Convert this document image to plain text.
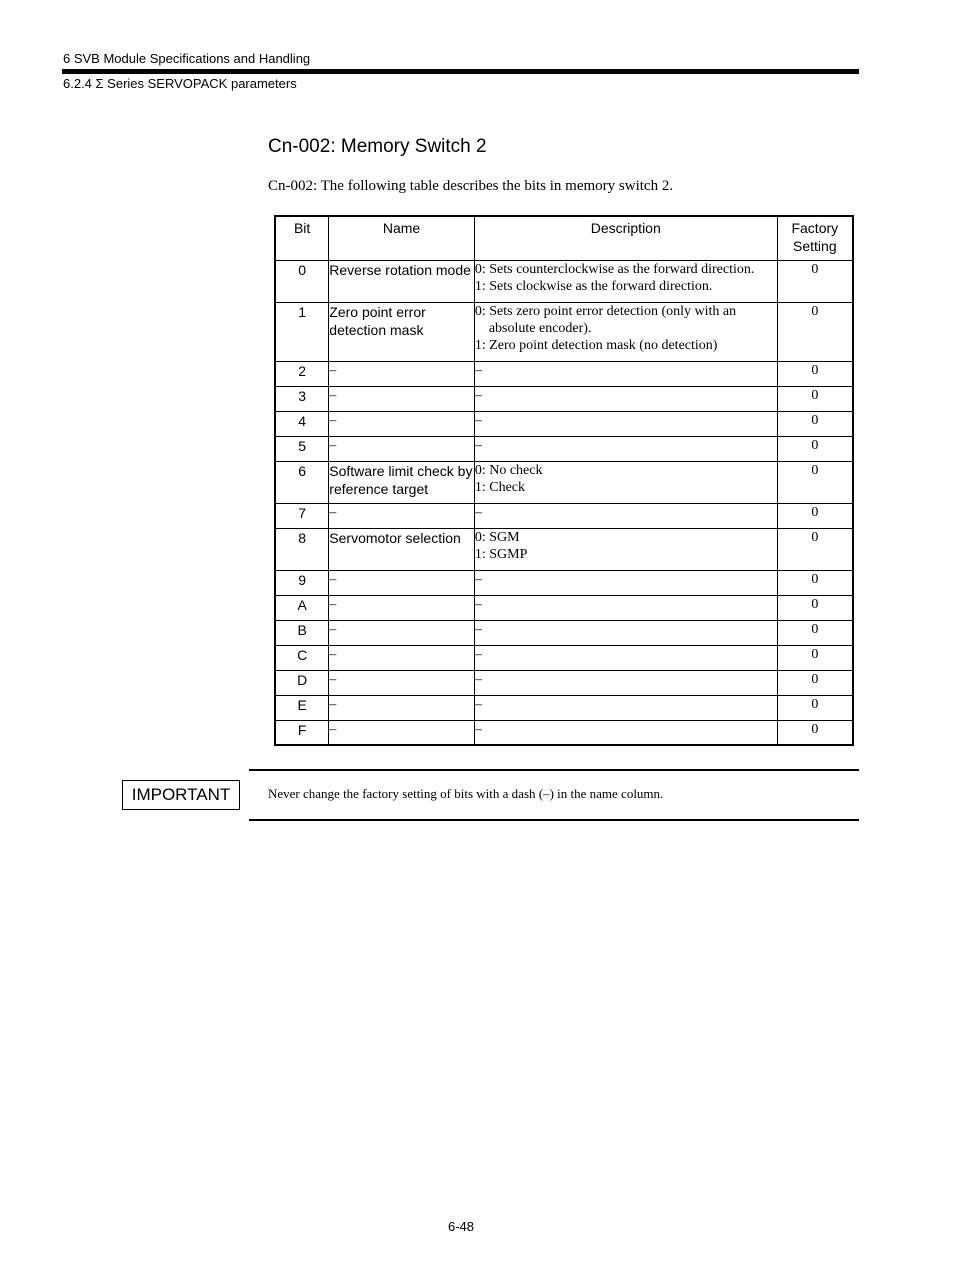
6 SVB Module Specifications and Handling
6.2.4 Σ Series SERVOPACK parameters
Cn-002: Memory Switch 2
Cn-002: The following table describes the bits in memory switch 2.
Bit	Name	Description	Factory
Setting

0	Reverse rotation mode	0: Sets counterclockwise as the forward direction.
1: Sets clockwise as the forward direction.	0
1	Zero point error detection mask	0: Sets zero point error detection (only with an
absolute encoder).
1: Zero point detection mask (no detection)	0
2	–	–	0
3	–	–	0
4	–	–	0
5	–	–	0
6	Software limit check by reference target	0: No check
1: Check	0
7	–	–	0
8	Servomotor selection	0: SGM
1: SGMP	0
9	–	–	0
A	–	–	0
B	–	–	0
C	–	–	0
D	–	–	0
E	–	–	0
F	–	–	0
IMPORTANT	Never change the factory setting of bits with a dash (–) in the name column.
6-48
